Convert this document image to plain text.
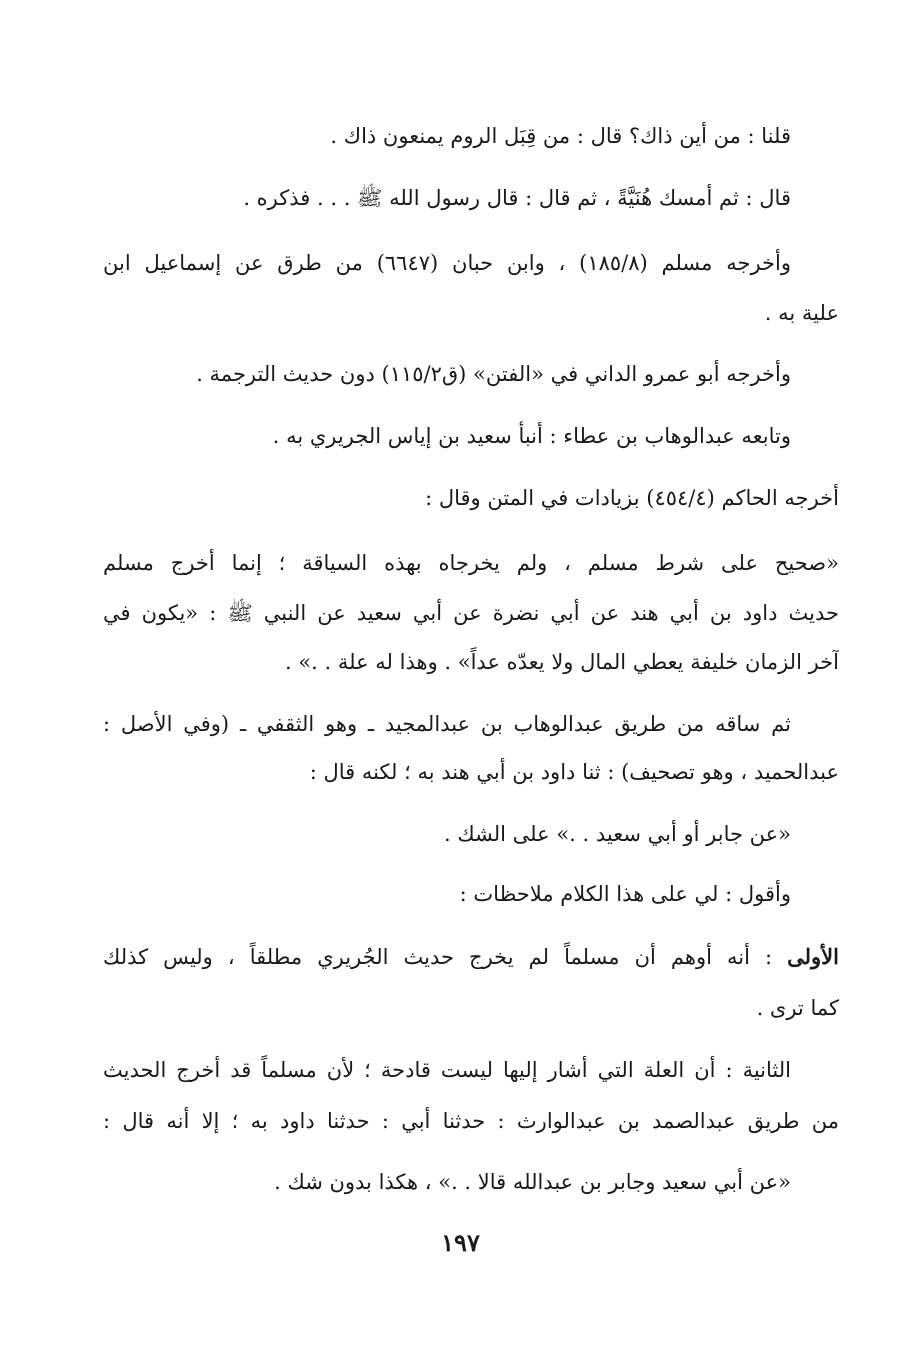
قلنا : من أين ذاك؟ قال : من قِبَل الروم يمنعون ذاك .
قال : ثم أمسك هُنَيَّةً ، ثم قال : قال رسول الله ﷺ . . . فذكره .
وأخرجه مسلم (١٨٥/٨) ، وابن حبان (٦٦٤٧) من طرق عن إسماعيل ابن
علية به .
وأخرجه أبو عمرو الداني في «الفتن» (ق١١٥/٢) دون حديث الترجمة .
وتابعه عبدالوهاب بن عطاء : أنبأ سعيد بن إياس الجريري به .
أخرجه الحاكم (٤٥٤/٤) بزيادات في المتن وقال :
«صحيح على شرط مسلم ، ولم يخرجاه بهذه السياقة ؛ إنما أخرج مسلم
حديث داود بن أبي هند عن أبي نضرة عن أبي سعيد عن النبي ﷺ : «يكون في
آخر الزمان خليفة يعطي المال ولا يعدّه عداً» . وهذا له علة . .» .
ثم ساقه من طريق عبدالوهاب بن عبدالمجيد ـ وهو الثقفي ـ (وفي الأصل :
عبدالحميد ، وهو تصحيف) : ثنا داود بن أبي هند به ؛ لكنه قال :
«عن جابر أو أبي سعيد . .» على الشك .
وأقول : لي على هذا الكلام ملاحظات :
الأولى : أنه أوهم أن مسلماً لم يخرج حديث الجُريري مطلقاً ، وليس كذلك
كما ترى .
الثانية : أن العلة التي أشار إليها ليست قادحة ؛ لأن مسلماً قد أخرج الحديث
من طريق عبدالصمد بن عبدالوارث : حدثنا أبي : حدثنا داود به ؛ إلا أنه قال :
«عن أبي سعيد وجابر بن عبدالله قالا . .» ، هكذا بدون شك .
١٩٧
